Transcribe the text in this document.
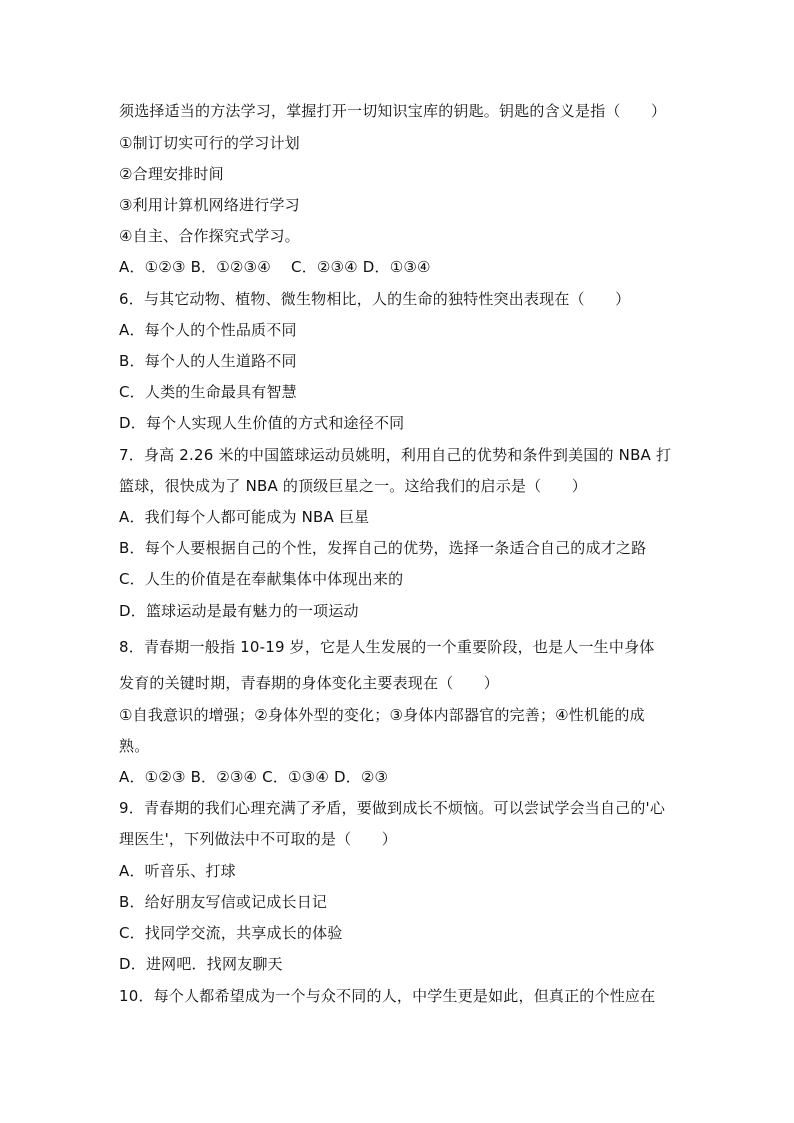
须选择适当的方法学习，掌握打开一切知识宝库的钥匙。钥匙的含义是指（　　）
①制订切实可行的学习计划
②合理安排时间
③利用计算机网络进行学习
④自主、合作探究式学习。
A．①②③ B．①②③④　 C．②③④ D．①③④
6．与其它动物、植物、微生物相比，人的生命的独特性突出表现在（　　）
A．每个人的个性品质不同
B．每个人的人生道路不同
C．人类的生命最具有智慧
D．每个人实现人生价值的方式和途径不同
7．身高 2.26 米的中国篮球运动员姚明，利用自己的优势和条件到美国的 NBA 打
篮球，很快成为了 NBA 的顶级巨星之一。这给我们的启示是（　　）
A．我们每个人都可能成为 NBA 巨星
B．每个人要根据自己的个性，发挥自己的优势，选择一条适合自己的成才之路
C．人生的价值是在奉献集体中体现出来的
D．篮球运动是最有魅力的一项运动
8．青春期一般指 10-19 岁，它是人生发展的一个重要阶段，也是人一生中身体
发育的关键时期，青春期的身体变化主要表现在（　　）
①自我意识的增强；②身体外型的变化；③身体内部器官的完善；④性机能的成
熟。
A．①②③ B．②③④ C．①③④ D．②③
9．青春期的我们心理充满了矛盾，要做到成长不烦恼。可以尝试学会当自己的'心
理医生'，下列做法中不可取的是（　　）
A．听音乐、打球
B．给好朋友写信或记成长日记
C．找同学交流，共享成长的体验
D．进网吧．找网友聊天
10．每个人都希望成为一个与众不同的人，中学生更是如此，但真正的个性应在
